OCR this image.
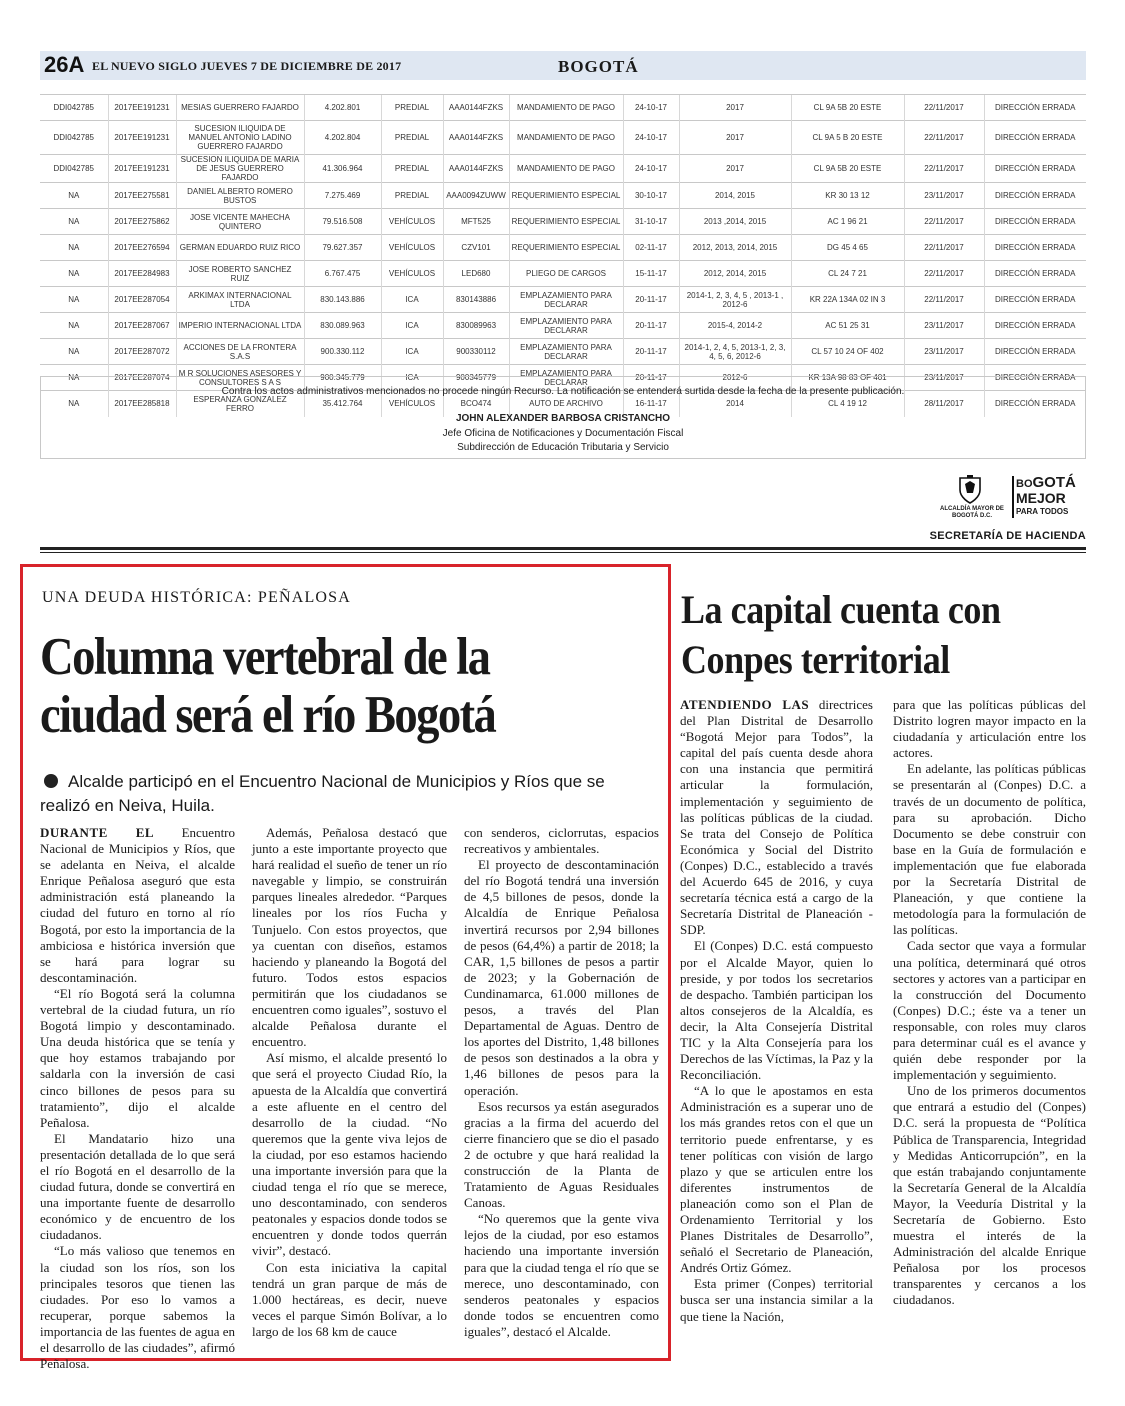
26A EL NUEVO SIGLO JUEVES 7 DE DICIEMBRE DE 2017	BOGOTÁ
DDI042785	2017EE191231	MESIAS GUERRERO FAJARDO	4.202.801	PREDIAL	AAA0144FZKS	MANDAMIENTO DE PAGO	24-10-17	2017	CL 9A 5B 20 ESTE	22/11/2017	DIRECCIÓN ERRADA
DDI042785	2017EE191231	SUCESION ILIQUIDA DE MANUEL ANTONIO LADINO GUERRERO FAJARDO	4.202.804	PREDIAL	AAA0144FZKS	MANDAMIENTO DE PAGO	24-10-17	2017	CL 9A 5 B 20 ESTE	22/11/2017	DIRECCIÓN ERRADA
DDI042785	2017EE191231	SUCESION ILIQUIDA DE MARIA DE JESUS GUERRERO FAJARDO	41.306.964	PREDIAL	AAA0144FZKS	MANDAMIENTO DE PAGO	24-10-17	2017	CL 9A 5B 20 ESTE	22/11/2017	DIRECCIÓN ERRADA
NA	2017EE275581	DANIEL ALBERTO ROMERO BUSTOS	7.275.469	PREDIAL	AAA0094ZUWW	REQUERIMIENTO ESPECIAL	30-10-17	2014, 2015	KR 30 13 12	23/11/2017	DIRECCIÓN ERRADA
NA	2017EE275862	JOSE VICENTE MAHECHA QUINTERO	79.516.508	VEHÍCULOS	MFT525	REQUERIMIENTO ESPECIAL	31-10-17	2013 ,2014, 2015	AC 1 96 21	22/11/2017	DIRECCIÓN ERRADA
NA	2017EE276594	GERMAN EDUARDO RUIZ RICO	79.627.357	VEHÍCULOS	CZV101	REQUERIMIENTO ESPECIAL	02-11-17	2012, 2013, 2014, 2015	DG 45 4 65	22/11/2017	DIRECCIÓN ERRADA
NA	2017EE284983	JOSE ROBERTO SANCHEZ RUIZ	6.767.475	VEHÍCULOS	LED680	PLIEGO DE CARGOS	15-11-17	2012, 2014, 2015	CL 24 7 21	22/11/2017	DIRECCIÓN ERRADA
NA	2017EE287054	ARKIMAX INTERNACIONAL LTDA	830.143.886	ICA	830143886	EMPLAZAMIENTO PARA DECLARAR	20-11-17	2014-1, 2, 3, 4, 5 , 2013-1 , 2012-6	KR 22A 134A 02 IN 3	22/11/2017	DIRECCIÓN ERRADA
NA	2017EE287067	IMPERIO INTERNACIONAL LTDA	830.089.963	ICA	830089963	EMPLAZAMIENTO PARA DECLARAR	20-11-17	2015-4, 2014-2	AC 51 25 31	23/11/2017	DIRECCIÓN ERRADA
NA	2017EE287072	ACCIONES DE LA FRONTERA S.A.S	900.330.112	ICA	900330112	EMPLAZAMIENTO PARA DECLARAR	20-11-17	2014-1, 2, 4, 5, 2013-1, 2, 3, 4, 5, 6, 2012-6	CL 57 10 24 OF 402	23/11/2017	DIRECCIÓN ERRADA
NA	2017EE287074	M R SOLUCIONES ASESORES Y CONSULTORES S A S	900.345.779	ICA	900345779	EMPLAZAMIENTO PARA DECLARAR	20-11-17	2012-6	KR 13A 98 83 OF 401	23/11/2017	DIRECCIÓN ERRADA
NA	2017EE285818	ESPERANZA GONZALEZ FERRO	35.412.764	VEHÍCULOS	BCO474	AUTO DE ARCHIVO	16-11-17	2014	CL 4 19 12	28/11/2017	DIRECCIÓN ERRADA
Contra los actos administrativos mencionados no procede ningún Recurso. La notificación se entenderá surtida desde la fecha de la presente publicación.
JOHN ALEXANDER BARBOSA CRISTANCHO
Jefe Oficina de Notificaciones y Documentación Fiscal
Subdirección de Educación Tributaria y Servicio
ALCALDÍA MAYOR DE BOGOTÁ D.C.
BOGOTÁ
MEJOR
PARA TODOS
SECRETARÍA DE HACIENDA
UNA DEUDA HISTÓRICA: PEÑALOSA
Columna vertebral de la
ciudad será el río Bogotá
Alcalde participó en el Encuentro Nacional de Municipios y Ríos que se realizó en Neiva, Huila.

DURANTE EL Encuentro Nacional de Municipios y Ríos, que se adelanta en Neiva, el alcalde Enrique Peñalosa aseguró que esta administración está planeando la ciudad del futuro en torno al río Bogotá, por esto la importancia de la ambiciosa e histórica inversión que se hará para lograr su descontaminación.

“El río Bogotá será la columna vertebral de la ciudad futura, un río Bogotá limpio y descontaminado. Una deuda histórica que se tenía y que hoy estamos trabajando por saldarla con la inversión de casi cinco billones de pesos para su tratamiento”, dijo el alcalde Peñalosa.

El Mandatario hizo una presentación detallada de lo que será el río Bogotá en el desarrollo de la ciudad futura, donde se convertirá en una importante fuente de desarrollo económico y de encuentro de los ciudadanos.

“Lo más valioso que tenemos en la ciudad son los ríos, son los principales tesoros que tienen las ciudades. Por eso lo vamos a recuperar, porque sabemos la importancia de las fuentes de agua en el desarrollo de las ciudades”, afirmó Peñalosa.

Además, Peñalosa destacó que junto a este importante proyecto que hará realidad el sueño de tener un río navegable y limpio, se construirán parques lineales alrededor. “Parques lineales por los ríos Fucha y Tunjuelo. Con estos proyectos, que ya cuentan con diseños, estamos haciendo y planeando la Bogotá del futuro. Todos estos espacios permitirán que los ciudadanos se encuentren como iguales”, sostuvo el alcalde Peñalosa durante el encuentro.

Así mismo, el alcalde presentó lo que será el proyecto Ciudad Río, la apuesta de la Alcaldía que convertirá a este afluente en el centro del desarrollo de la ciudad. “No queremos que la gente viva lejos de la ciudad, por eso estamos haciendo una importante inversión para que la ciudad tenga el río que se merece, uno descontaminado, con senderos peatonales y espacios donde todos se encuentren y donde todos querrán vivir”, destacó.

Con esta iniciativa la capital tendrá un gran parque de más de 1.000 hectáreas, es decir, nueve veces el parque Simón Bolívar, a lo largo de los 68 km de cauce

con senderos, ciclorrutas, espacios recreativos y ambientales.

El proyecto de descontaminación del río Bogotá tendrá una inversión de 4,5 billones de pesos, donde la Alcaldía de Enrique Peñalosa invertirá recursos por 2,94 billones de pesos (64,4%) a partir de 2018; la CAR, 1,5 billones de pesos a partir de 2023; y la Gobernación de Cundinamarca, 61.000 millones de pesos, a través del Plan Departamental de Aguas. Dentro de los aportes del Distrito, 1,48 billones de pesos son destinados a la obra y 1,46 billones de pesos para la operación.

Esos recursos ya están asegurados gracias a la firma del acuerdo del cierre financiero que se dio el pasado 2 de octubre y que hará realidad la construcción de la Planta de Tratamiento de Aguas Residuales Canoas.

“No queremos que la gente viva lejos de la ciudad, por eso estamos haciendo una importante inversión para que la ciudad tenga el río que se merece, uno descontaminado, con senderos peatonales y espacios donde todos se encuentren como iguales”, destacó el Alcalde.

La capital cuenta con
Conpes territorial

ATENDIENDO LAS directrices del Plan Distrital de Desarrollo “Bogotá Mejor para Todos”, la capital del país cuenta desde ahora con una instancia que permitirá articular la formulación, implementación y seguimiento de las políticas públicas de la ciudad. Se trata del Consejo de Política Económica y Social del Distrito (Conpes) D.C., establecido a través del Acuerdo 645 de 2016, y cuya secretaría técnica está a cargo de la Secretaría Distrital de Planeación - SDP.

El (Conpes) D.C. está compuesto por el Alcalde Mayor, quien lo preside, y por todos los secretarios de despacho. También participan los altos consejeros de la Alcaldía, es decir, la Alta Consejería Distrital TIC y la Alta Consejería para los Derechos de las Víctimas, la Paz y la Reconciliación.

“A lo que le apostamos en esta Administración es a superar uno de los más grandes retos con el que un territorio puede enfrentarse, y es tener políticas con visión de largo plazo y que se articulen entre los diferentes instrumentos de planeación como son el Plan de Ordenamiento Territorial y los Planes Distritales de Desarrollo”, señaló el Secretario de Planeación, Andrés Ortiz Gómez.

Esta primer (Conpes) territorial busca ser una instancia similar a la que tiene la Nación,

para que las políticas públicas del Distrito logren mayor impacto en la ciudadanía y articulación entre los actores.

En adelante, las políticas públicas se presentarán al (Conpes) D.C. a través de un documento de política, para su aprobación. Dicho Documento se debe construir con base en la Guía de formulación e implementación que fue elaborada por la Secretaría Distrital de Planeación, y que contiene la metodología para la formulación de las políticas.

Cada sector que vaya a formular una política, determinará qué otros sectores y actores van a participar en la construcción del Documento (Conpes) D.C.; éste va a tener un responsable, con roles muy claros para determinar cuál es el avance y quién debe responder por la implementación y seguimiento.

Uno de los primeros documentos que entrará a estudio del (Conpes) D.C. será la propuesta de “Política Pública de Transparencia, Integridad y Medidas Anticorrupción”, en la que están trabajando conjuntamente la Secretaría General de la Alcaldía Mayor, la Veeduría Distrital y la Secretaría de Gobierno. Esto muestra el interés de la Administración del alcalde Enrique Peñalosa por los procesos transparentes y cercanos a los ciudadanos.
